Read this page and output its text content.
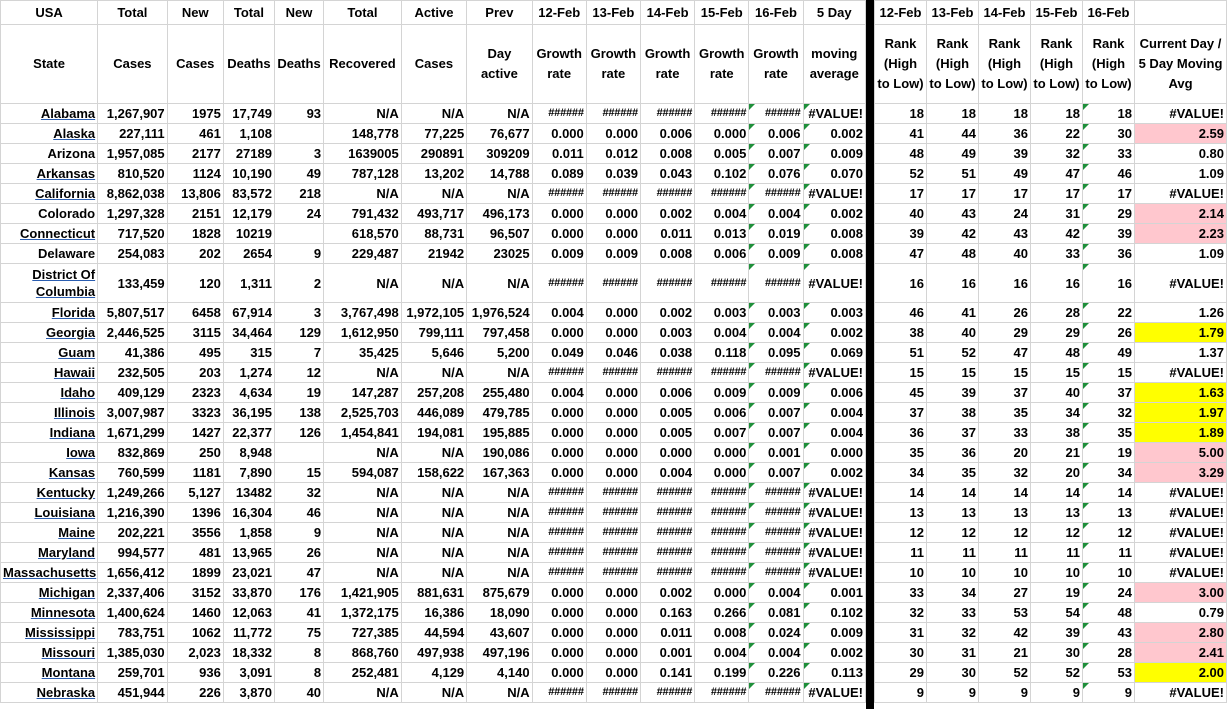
USA	Total	New	Total	New	Total	Active	Prev	12-Feb	13-Feb	14-Feb	15-Feb	16-Feb	5 Day
State	Cases	Cases	Deaths	Deaths	Recovered	Cases	Day active	Growth rate	Growth rate	Growth rate	Growth rate	Growth rate	moving average
Alabama	1,267,907	1975	17,749	93	N/A	N/A	N/A	######	######	######	######	######	#VALUE!
Alaska	227,111	461	1,108		148,778	77,225	76,677	0.000	0.000	0.006	0.000	0.006	0.002
Arizona	1,957,085	2177	27189	3	1639005	290891	309209	0.011	0.012	0.008	0.005	0.007	0.009
Arkansas	810,520	1124	10,190	49	787,128	13,202	14,788	0.089	0.039	0.043	0.102	0.076	0.070
California	8,862,038	13,806	83,572	218	N/A	N/A	N/A	######	######	######	######	######	#VALUE!
Colorado	1,297,328	2151	12,179	24	791,432	493,717	496,173	0.000	0.000	0.002	0.004	0.004	0.002
Connecticut	717,520	1828	10219		618,570	88,731	96,507	0.000	0.000	0.011	0.013	0.019	0.008
Delaware	254,083	202	2654	9	229,487	21942	23025	0.009	0.009	0.008	0.006	0.009	0.008
District Of Columbia	133,459	120	1,311	2	N/A	N/A	N/A	######	######	######	######	######	#VALUE!
Florida	5,807,517	6458	67,914	3	3,767,498	1,972,105	1,976,524	0.004	0.000	0.002	0.003	0.003	0.003
Georgia	2,446,525	3115	34,464	129	1,612,950	799,111	797,458	0.000	0.000	0.003	0.004	0.004	0.002
Guam	41,386	495	315	7	35,425	5,646	5,200	0.049	0.046	0.038	0.118	0.095	0.069
Hawaii	232,505	203	1,274	12	N/A	N/A	N/A	######	######	######	######	######	#VALUE!
Idaho	409,129	2323	4,634	19	147,287	257,208	255,480	0.004	0.000	0.006	0.009	0.009	0.006
Illinois	3,007,987	3323	36,195	138	2,525,703	446,089	479,785	0.000	0.000	0.005	0.006	0.007	0.004
Indiana	1,671,299	1427	22,377	126	1,454,841	194,081	195,885	0.000	0.000	0.005	0.007	0.007	0.004
Iowa	832,869	250	8,948		N/A	N/A	190,086	0.000	0.000	0.000	0.000	0.001	0.000
Kansas	760,599	1181	7,890	15	594,087	158,622	167,363	0.000	0.000	0.004	0.000	0.007	0.002
Kentucky	1,249,266	5,127	13482	32	N/A	N/A	N/A	######	######	######	######	######	#VALUE!
Louisiana	1,216,390	1396	16,304	46	N/A	N/A	N/A	######	######	######	######	######	#VALUE!
Maine	202,221	3556	1,858	9	N/A	N/A	N/A	######	######	######	######	######	#VALUE!
Maryland	994,577	481	13,965	26	N/A	N/A	N/A	######	######	######	######	######	#VALUE!
Massachusetts	1,656,412	1899	23,021	47	N/A	N/A	N/A	######	######	######	######	######	#VALUE!
Michigan	2,337,406	3152	33,870	176	1,421,905	881,631	875,679	0.000	0.000	0.002	0.000	0.004	0.001
Minnesota	1,400,624	1460	12,063	41	1,372,175	16,386	18,090	0.000	0.000	0.163	0.266	0.081	0.102
Mississippi	783,751	1062	11,772	75	727,385	44,594	43,607	0.000	0.000	0.011	0.008	0.024	0.009
Missouri	1,385,030	2,023	18,332	8	868,760	497,938	497,196	0.000	0.000	0.001	0.004	0.004	0.002
Montana	259,701	936	3,091	8	252,481	4,129	4,140	0.000	0.000	0.141	0.199	0.226	0.113
Nebraska	451,944	226	3,870	40	N/A	N/A	N/A	######	######	######	######	######	#VALUE!
12-Feb	13-Feb	14-Feb	15-Feb	16-Feb	
Rank (High to Low)	Rank (High to Low)	Rank (High to Low)	Rank (High to Low)	Rank (High to Low)	Current Day / 5 Day Moving Avg
18	18	18	18	18	#VALUE!
41	44	36	22	30	2.59
48	49	39	32	33	0.80
52	51	49	47	46	1.09
17	17	17	17	17	#VALUE!
40	43	24	31	29	2.14
39	42	43	42	39	2.23
47	48	40	33	36	1.09
16	16	16	16	16	#VALUE!
46	41	26	28	22	1.26
38	40	29	29	26	1.79
51	52	47	48	49	1.37
15	15	15	15	15	#VALUE!
45	39	37	40	37	1.63
37	38	35	34	32	1.97
36	37	33	38	35	1.89
35	36	20	21	19	5.00
34	35	32	20	34	3.29
14	14	14	14	14	#VALUE!
13	13	13	13	13	#VALUE!
12	12	12	12	12	#VALUE!
11	11	11	11	11	#VALUE!
10	10	10	10	10	#VALUE!
33	34	27	19	24	3.00
32	33	53	54	48	0.79
31	32	42	39	43	2.80
30	31	21	30	28	2.41
29	30	52	52	53	2.00
9	9	9	9	9	#VALUE!
